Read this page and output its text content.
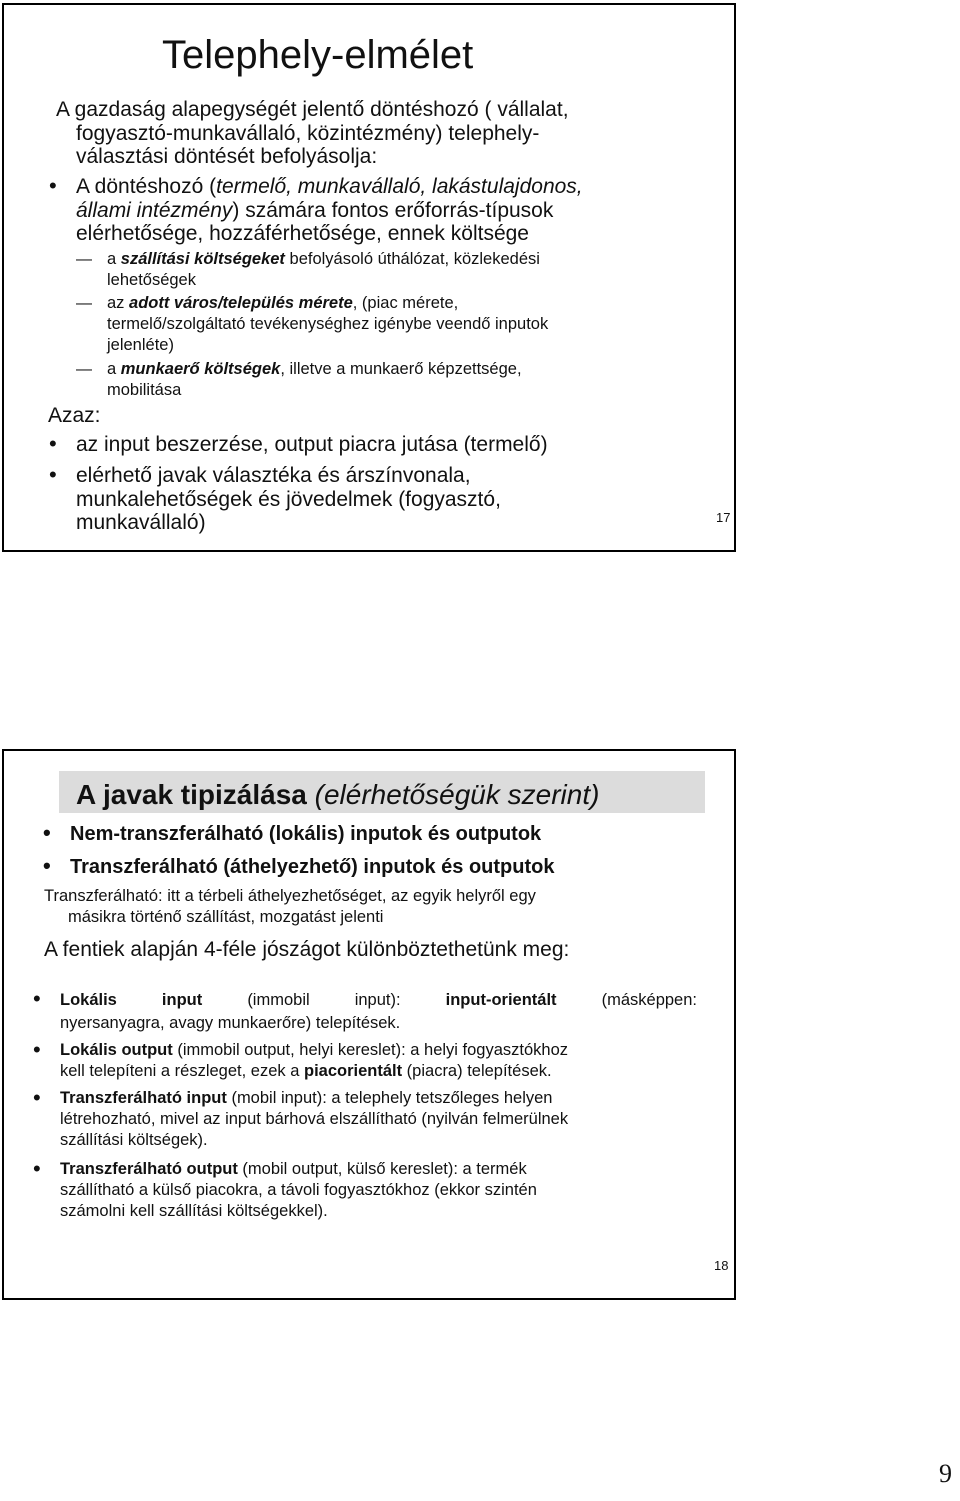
Telephely-elmélet
A gazdaság alapegységét jelentő döntéshozó ( vállalat,
fogyasztó-munkavállaló, közintézmény) telephely-
választási döntését befolyásolja:
• A döntéshozó (termelő, munkavállaló, lakástulajdonos,
állami intézmény) számára fontos erőforrás-típusok
elérhetősége, hozzáférhetősége, ennek költsége
— a szállítási költségeket befolyásoló úthálózat, közlekedési
lehetőségek
— az adott város/település mérete, (piac mérete,
termelő/szolgáltató tevékenységhez igénybe veendő inputok
jelenléte)
— a munkaerő költségek, illetve a munkaerő képzettsége,
mobilitása
Azaz:
• az input beszerzése, output piacra jutása (termelő)
• elérhető javak választéka és árszínvonala,
munkalehetőségek és jövedelmek (fogyasztó,
munkavállaló)	17
A javak tipizálása (elérhetőségük szerint)
• Nem-transzferálható (lokális) inputok és outputok
• Transzferálható (áthelyezhető) inputok és outputok
Transzferálható: itt a térbeli áthelyezhetőséget, az egyik helyről egy
másikra történő szállítást, mozgatást jelenti
A fentiek alapján 4-féle jószágot különböztethetünk meg:
• Lokális input (immobil input): input-orientált (másképpen:
nyersanyagra, avagy munkaerőre) telepítések.
• Lokális output (immobil output, helyi kereslet): a helyi fogyasztókhoz
kell telepíteni a részleget, ezek a piacorientált (piacra) telepítések.
• Transzferálható input (mobil input): a telephely tetszőleges helyen
létrehozható, mivel az input bárhová elszállítható (nyilván felmerülnek
szállítási költségek).
• Transzferálható output (mobil output, külső kereslet): a termék
szállítható a külső piacokra, a távoli fogyasztókhoz (ekkor szintén
számolni kell szállítási költségekkel).
18
9
